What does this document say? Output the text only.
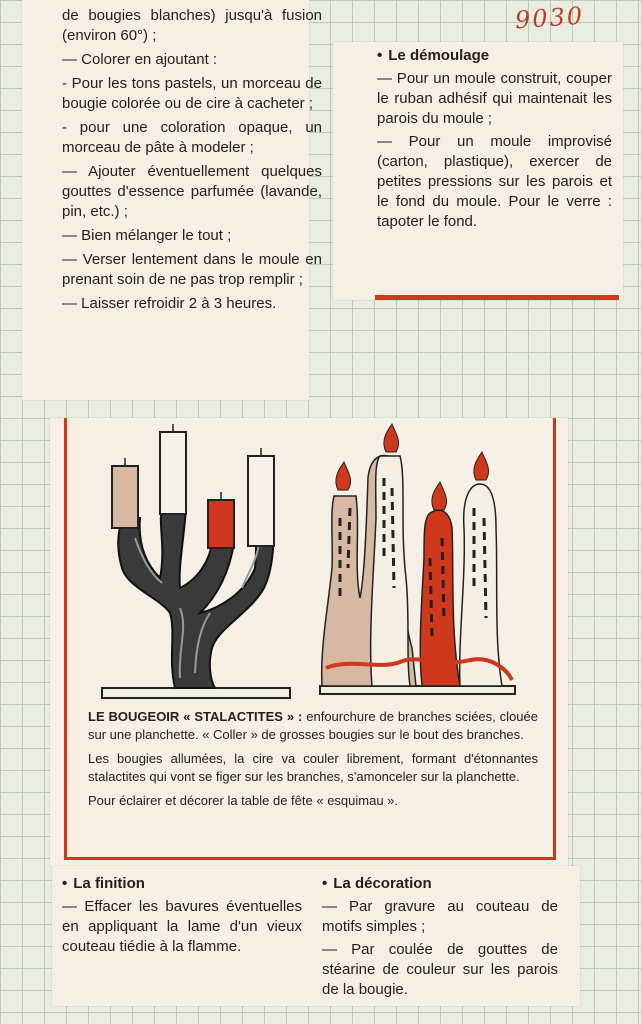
9030

de bougies blanches) jusqu'à fusion (environ 60°) ;

— Colorer en ajoutant :

- Pour les tons pastels, un morceau de bougie colorée ou de cire à cacheter ;

- pour une coloration opaque, un morceau de pâte à modeler ;

— Ajouter éventuellement quelques gouttes d'essence parfumée (lavande, pin, etc.) ;

— Bien mélanger le tout ;

— Verser lentement dans le moule en prenant soin de ne pas trop remplir ;

— Laisser refroidir 2 à 3 heures.

• Le démoulage

— Pour un moule construit, couper le ruban adhésif qui maintenait les parois du moule ;

— Pour un moule improvisé (carton, plastique), exercer de petites pressions sur les parois et le fond du moule. Pour le verre : tapoter le fond.

LE BOUGEOIR « STALACTITES » : enfourchure de branches sciées, clouée sur une planchette. « Coller » de grosses bougies sur le bout des branches.

Les bougies allumées, la cire va couler librement, formant d'étonnantes stalactites qui vont se figer sur les branches, s'amonceler sur la planchette.

Pour éclairer et décorer la table de fête « esquimau ».

• La finition

— Effacer les bavures éventuelles en appliquant la lame d'un vieux couteau tiédie à la flamme.

• La décoration

— Par gravure au couteau de motifs simples ;

— Par coulée de gouttes de stéarine de couleur sur les parois de la bougie.
